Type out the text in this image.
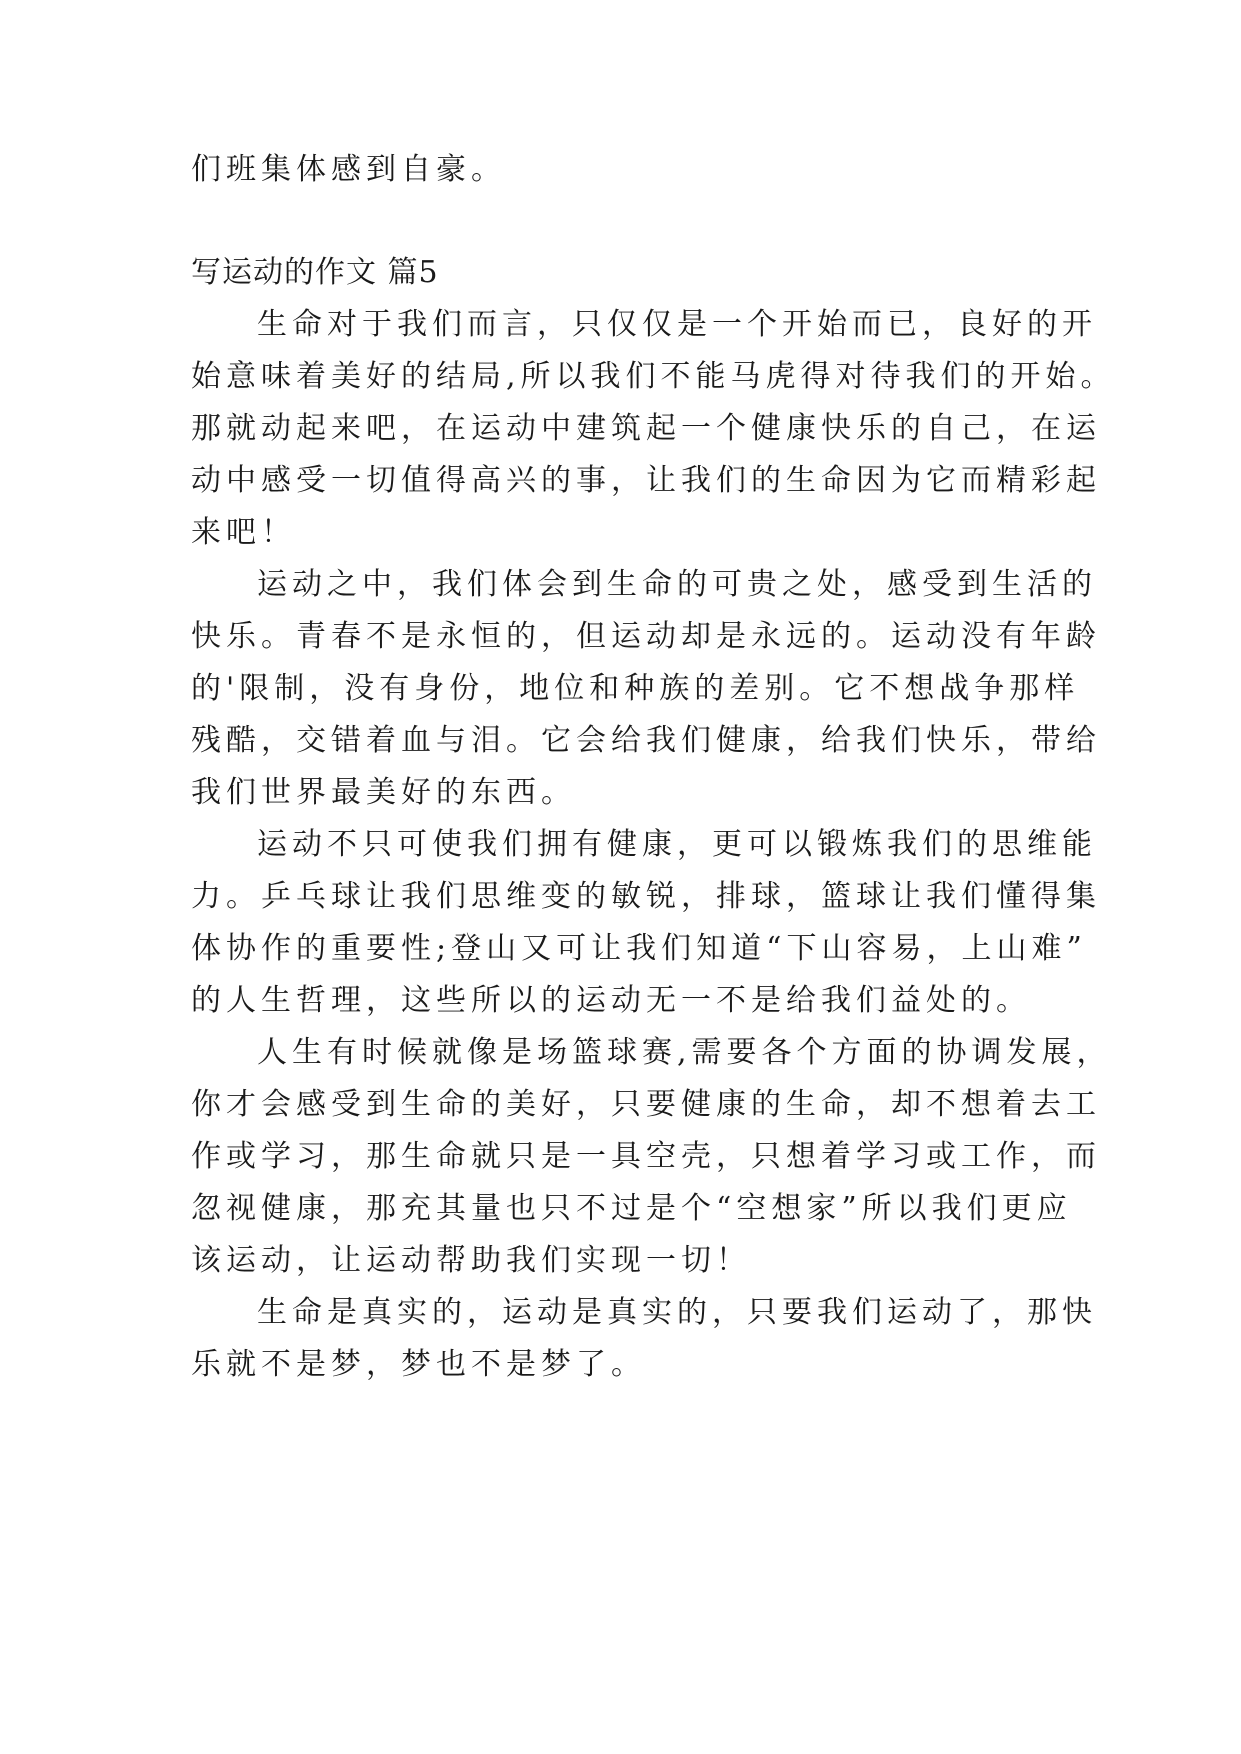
们班集体感到自豪。

写运动的作文 篇5

生命对于我们而言，只仅仅是一个开始而已，良好的开

始意味着美好的结局,所以我们不能马虎得对待我们的开始。

那就动起来吧，在运动中建筑起一个健康快乐的自己，在运

动中感受一切值得高兴的事，让我们的生命因为它而精彩起

来吧！

运动之中，我们体会到生命的可贵之处，感受到生活的

快乐。青春不是永恒的，但运动却是永远的。运动没有年龄

的'限制，没有身份，地位和种族的差别。它不想战争那样

残酷，交错着血与泪。它会给我们健康，给我们快乐，带给

我们世界最美好的东西。

运动不只可使我们拥有健康，更可以锻炼我们的思维能

力。乒乓球让我们思维变的敏锐，排球，篮球让我们懂得集

体协作的重要性;登山又可让我们知道“下山容易，上山难”

的人生哲理，这些所以的运动无一不是给我们益处的。

人生有时候就像是场篮球赛,需要各个方面的协调发展，

你才会感受到生命的美好，只要健康的生命，却不想着去工

作或学习，那生命就只是一具空壳，只想着学习或工作，而

忽视健康，那充其量也只不过是个“空想家”所以我们更应

该运动，让运动帮助我们实现一切！

生命是真实的，运动是真实的，只要我们运动了，那快

乐就不是梦，梦也不是梦了。
